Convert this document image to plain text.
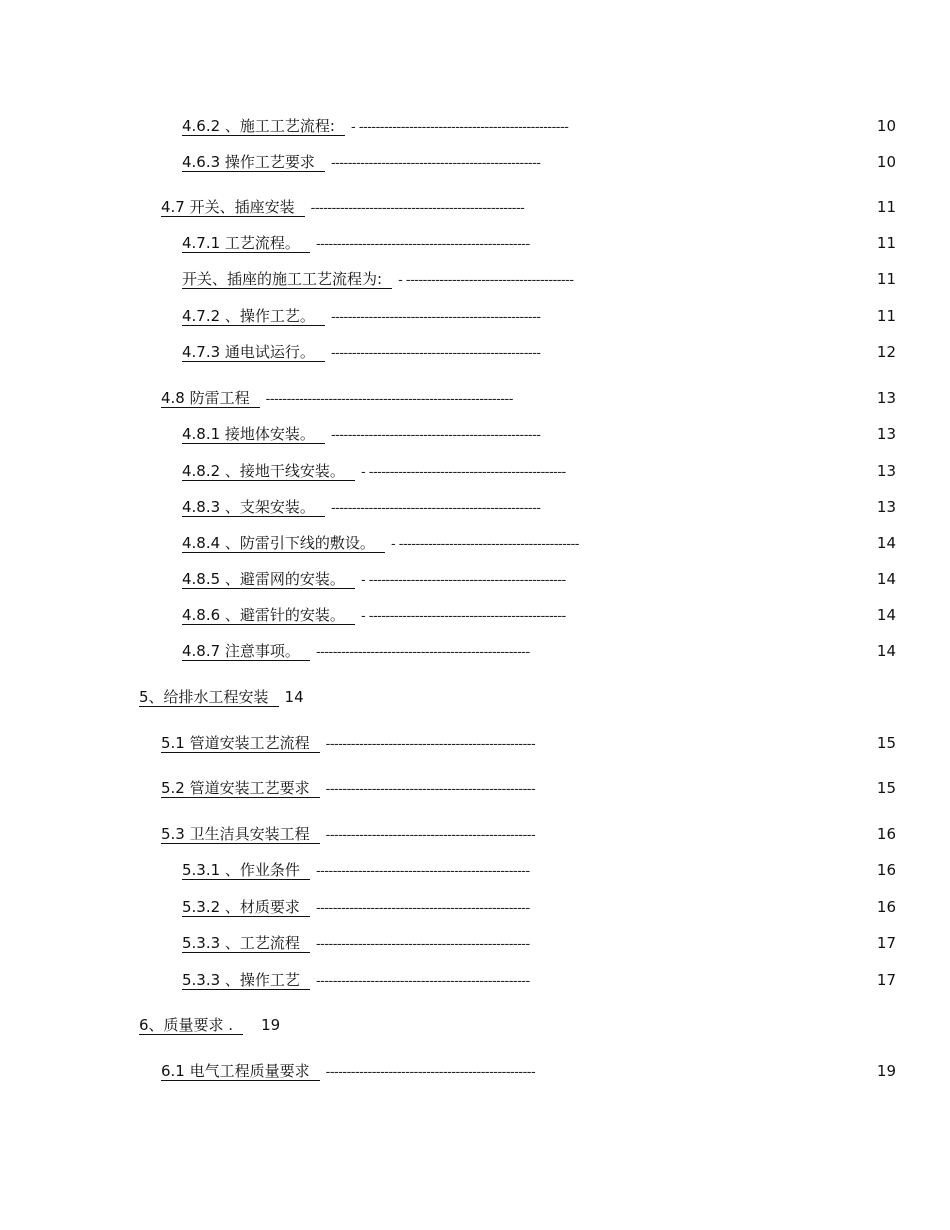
4.6.2 、施工工艺流程: - --------------------------------------------------	10
4.6.3 操作工艺要求 --------------------------------------------------	10
4.7 开关、插座安装 ---------------------------------------------------	11
4.7.1 工艺流程。 ---------------------------------------------------	11
开关、插座的施工工艺流程为: - ----------------------------------------	11
4.7.2 、操作工艺。 --------------------------------------------------	11
4.7.3 通电试运行。 --------------------------------------------------	12
4.8 防雷工程 -----------------------------------------------------------	13
4.8.1 接地体安装。 --------------------------------------------------	13
4.8.2 、接地干线安装。 - -----------------------------------------------	13
4.8.3 、支架安装。 --------------------------------------------------	13
4.8.4 、防雷引下线的敷设。 - -------------------------------------------	14
4.8.5 、避雷网的安装。 - -----------------------------------------------	14
4.8.6 、避雷针的安装。 - -----------------------------------------------	14
4.8.7 注意事项。 ---------------------------------------------------	14
5、给排水工程安装 14
5.1 管道安装工艺流程 --------------------------------------------------	15
5.2 管道安装工艺要求 --------------------------------------------------	15
5.3 卫生洁具安装工程 --------------------------------------------------	16
5.3.1 、作业条件 ---------------------------------------------------	16
5.3.2 、材质要求 ---------------------------------------------------	16
5.3.3 、工艺流程 ---------------------------------------------------	17
5.3.3 、操作工艺 ---------------------------------------------------	17
6、质量要求 . 19
6.1 电气工程质量要求 --------------------------------------------------	19
